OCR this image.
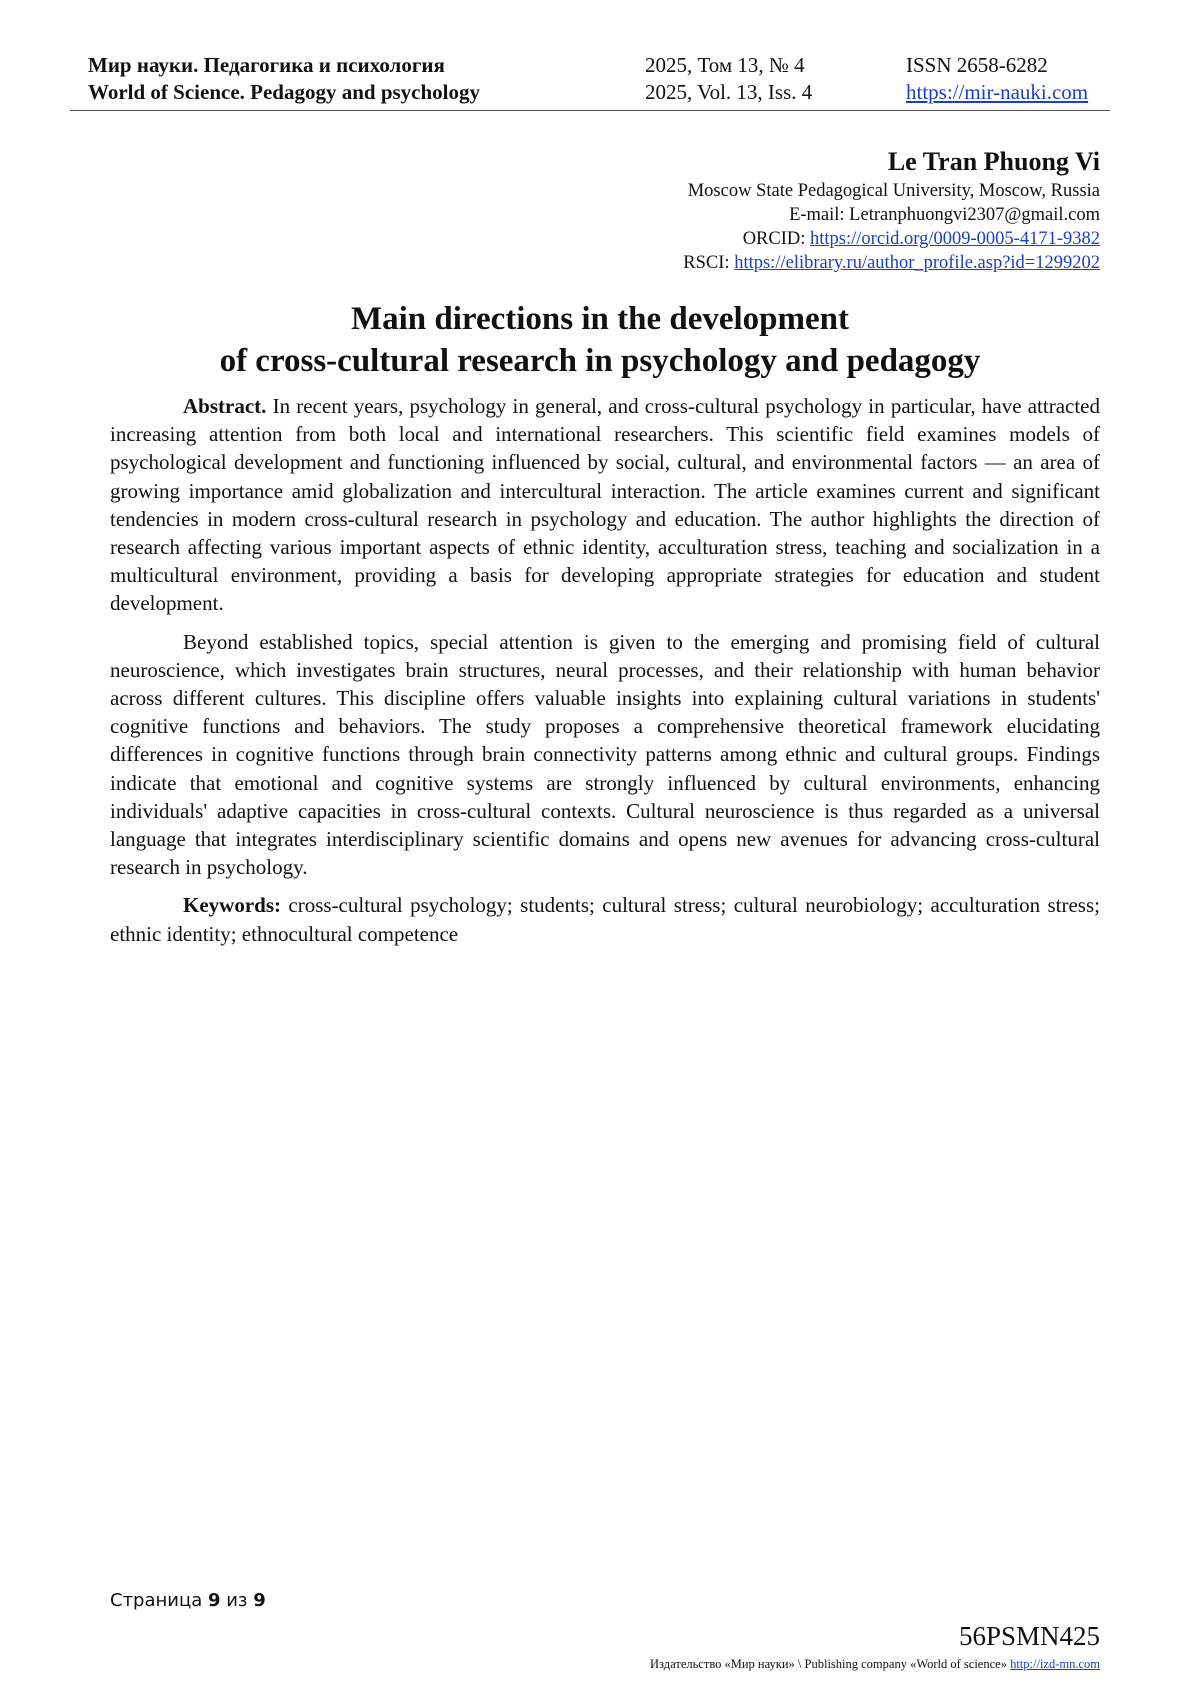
Мир науки. Педагогика и психология	2025, Том 13, № 4	ISSN 2658-6282
World of Science. Pedagogy and psychology	2025, Vol. 13, Iss. 4	https://mir-nauki.com
Le Tran Phuong Vi
Moscow State Pedagogical University, Moscow, Russia
E-mail: Letranphuongvi2307@gmail.com
ORCID: https://orcid.org/0009-0005-4171-9382
RSCI: https://elibrary.ru/author_profile.asp?id=1299202
Main directions in the development
of cross-cultural research in psychology and pedagogy

Abstract. In recent years, psychology in general, and cross-cultural psychology in particular, have attracted increasing attention from both local and international researchers. This scientific field examines models of psychological development and functioning influenced by social, cultural, and environmental factors — an area of growing importance amid globalization and intercultural interaction. The article examines current and significant tendencies in modern cross-cultural research in psychology and education. The author highlights the direction of research affecting various important aspects of ethnic identity, acculturation stress, teaching and socialization in a multicultural environment, providing a basis for developing appropriate strategies for education and student development.

Beyond established topics, special attention is given to the emerging and promising field of cultural neuroscience, which investigates brain structures, neural processes, and their relationship with human behavior across different cultures. This discipline offers valuable insights into explaining cultural variations in students' cognitive functions and behaviors. The study proposes a comprehensive theoretical framework elucidating differences in cognitive functions through brain connectivity patterns among ethnic and cultural groups. Findings indicate that emotional and cognitive systems are strongly influenced by cultural environments, enhancing individuals' adaptive capacities in cross-cultural contexts. Cultural neuroscience is thus regarded as a universal language that integrates interdisciplinary scientific domains and opens new avenues for advancing cross-cultural research in psychology.

Keywords: cross-cultural psychology; students; cultural stress; cultural neurobiology; acculturation stress; ethnic identity; ethnocultural competence

Страница 9 из 9
56PSMN425
Издательство «Мир науки» \ Publishing company «World of science» http://izd-mn.com
